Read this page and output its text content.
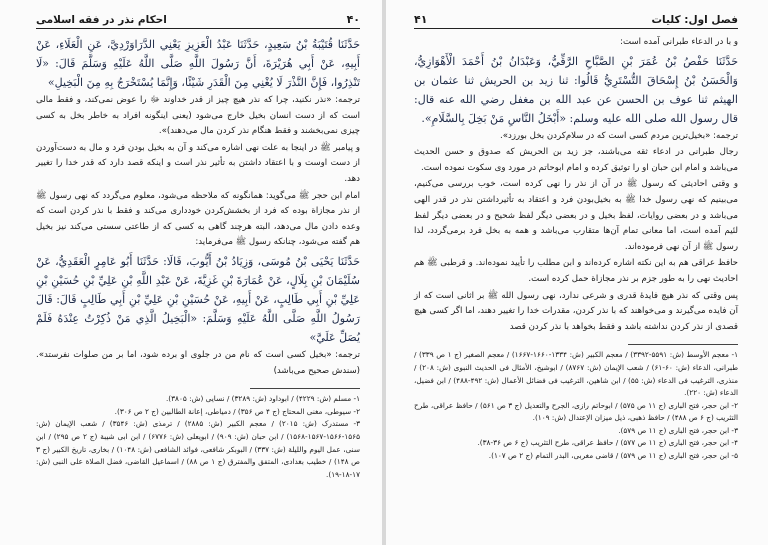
احکام نذر در فقه اسلامی	۴۰

حَدَّثَنَا قُتَيْبَةُ بْنُ سَعِيدٍ، حَدَّثَنَا عَبْدُ الْعَزِيزِ يَعْنِي الدَّرَاوَرْدِيَّ، عَنِ الْعَلَاءِ، عَنْ أَبِيهِ، عَنْ أَبِي هُرَيْرَةَ، أَنَّ رَسُولَ اللَّهِ صَلَّى اللَّهُ عَلَيْهِ وَسَلَّمَ قَالَ: «لَا تَنْذِرُوا، فَإِنَّ النَّذْرَ لَا يُغْنِي مِنَ الْقَدَرِ شَيْئًا، وَإِنَّمَا يُسْتَخْرَجُ بِهِ مِنَ الْبَخِيلِ»

ترجمه: «نذر نکنید، چرا که نذر هیچ چیز از قدر خداوند ﷻ را عوض نمی‌کند، و فقط مالی است که از دست انسان بخیل خارج می‌شود (یعنی اینگونه افراد به خاطر بخل به کسی چیزی نمی‌بخشند و فقط هنگام نذر کردن مال می‌دهند)».

و پیامبر ﷺ در اینجا به علت نهی اشاره می‌کند و آن به بخیل بودن فرد و مال به دست‌آوردن از دست اوست و با اعتقاد داشتن به تأثیر نذر است و اینکه قصد دارد که قدر خدا را تغییر دهد.

امام ابن حجر ﷺ می‌گوید: همانگونه که ملاحظه می‌شود، معلوم می‌گردد که نهی رسول ﷺ از نذر مجازاة بوده که فرد از بخشش‌کردن خودداری می‌کند و فقط با نذر کردن است که وعده دادن مال می‌دهد، البته هرچند گاهی به کسی که از طاعتی سستی می‌کند نیز بخیل هم گفته می‌شود، چنانکه رسول ﷺ می‌فرماید:

حَدَّثَنَا يَحْيَى بْنُ مُوسَى، وَزِيَادُ بْنُ أَيُّوبَ، قَالَا: حَدَّثَنَا أَبُو عَامِرٍ الْعَقَدِيُّ، عَنْ سُلَيْمَانَ بْنِ بِلَالٍ، عَنْ عُمَارَةَ بْنِ غَزِيَّةَ، عَنْ عَبْدِ اللَّهِ بْنِ عَلِيِّ بْنِ حُسَيْنِ بْنِ عَلِيِّ بْنِ أَبِي طَالِبٍ، عَنْ أَبِيهِ، عَنْ حُسَيْنِ بْنِ عَلِيِّ بْنِ أَبِي طَالِبٍ قَالَ: قَالَ رَسُولُ اللَّهِ صَلَّى اللَّهُ عَلَيْهِ وَسَلَّمَ: «الْبَخِيلُ الَّذِي مَنْ ذُكِرْتُ عِنْدَهُ فَلَمْ يُصَلِّ عَلَيَّ»

ترجمه: «بخیل کسی است که نام من در جلوی او برده شود، اما بر من صلوات نفرستد». (سندش صحیح می‌باشد)

۱- مسلم (ش: ۴۲۲۹) / ابوداود (ش: ۳۲۸۹) / نسایی (ش: ۳۸۰۵).

۲- سیوطی، مغنی المحتاج (ج ۴ ص ۳۵۶) / دمیاطی، إعانة الطالبین (ج ۲ ص ۳۰۶).

۳- مستدرک (ش: ۲۰۱۵) / معجم الکبیر (ش: ۲۸۸۵) / ترمذی (ش: ۳۵۴۶) / شعب الإیمان (ش: ۱۵۶۵-۱۵۶۶-۱۵۶۷-۱۵۶۸) / ابن حبان (ش: ۹۰۹) / ابویعلی (ش: ۶۷۷۶) / ابن ابی شیبة (ج ۲ ص ۲۹۵) / ابن سنی، عمل الیوم واللیلة (ش: ۳۳۷) / البوبکر شافعی، فوائد الشافعی (ش: ۱۰۴۸) / بخاری، تاریخ الکبیر (ج ۳ ص ۱۴۸) / خطیب بغدادی، المتفق والمفترق (ج ۱ ص ۸۸) / اسماعیل القاضی، فضل الصلاة علی النبی (ش: ۱۷-۱۸-۱۹).

۴۱	فصل اول: کلیات

و با در الدعاء طبرانی آمده است:

حَدَّثَنَا حَفْصُ بْنُ عُمَرَ بْنِ الصَّبَّاحِ الرَّقِّيُّ، وَعَبْدَانُ بْنُ أَحْمَدَ الْأَهْوَازِيُّ، وَالْحَسَنُ بْنُ إِسْحَاقَ التُّسْتَرِيُّ قَالُوا: ثنا زيد بن الحريش ثنا عثمان بن الهيثم ثنا عوف بن الحسن عن عبد الله بن مغفل رضي الله عنه قال: قال رسول الله صلى الله عليه وسلم: «أَبْخَلُ النَّاسِ مَنْ بَخِلَ بِالسَّلَامِ».

ترجمه: «بخیل‌ترین مردم کسی است که در سلام‌کردن بخل بورزد».

رجال طبرانی در ادعاء ثقه می‌باشند، جز زید بن الحریش که صدوق و حسن الحدیث می‌باشد و امام ابن حبان او را توثیق کرده و امام ابوحاتم در مورد وی سکوت نموده است.

و وقتی احادیثی که رسول ﷺ در آن از نذر را نهی کرده است، خوب بررسی می‌کنیم، می‌بینیم که نهی رسول خدا ﷺ به بخیل‌بودن فرد و اعتقاد به تأثیرداشتن نذر در قدر الهی می‌باشد و در بعضی روایات، لفظ بخیل و در بعضی دیگر لفظ شحیح و در بعضی دیگر لفظ لئیم آمده است، اما معانی تمام آن‌ها متقارب می‌باشد و همه به بخل فرد برمی‌گردد، لذا رسول ﷺ از آن نهی فرموده‌اند.

حافظ عراقی هم به این نکته اشاره کرده‌اند و ابن مطلب را تأیید نموده‌اند. و قرطبی ﷺ هم احادیث نهی را به طور جزم بر نذر مجازاة حمل کرده است.

پس وقتی که نذر هیچ فایدهٔ قدری و شرعی ندارد، نهی رسول الله ﷺ بر اثانی است که از آن فایده می‌گیرند و می‌خواهند که با نذر کردن، مقدرات خدا را تغییر دهند، اما اگر کسی هیچ قصدی از نذر کردن نداشته باشد و فقط بخواهد با نذر کردن قصد

۱- معجم الأوسط (ش: ۵۵۹۱-۳۳۹۲) / معجم الکبیر (ش: ۱۳۳۴-۱۶۶۰-۱۶۶۷) / معجم الصغیر (ج ۱ ص ۳۳۹) / طبرانی، الدعاء (ش: ۶۰-۶۱) / شعب الإیمان (ش: ۸۷۶۷) / ابوشیخ، الأمثال فی الحدیث النبوی (ش: ۲۰۸) / منذری، الترغیب فی الدعاء (ش: ۵۵) / ابن شاهین، الترغیب فی فضائل الأعمال (ش: ۴۹۲-۴۸۸) / ابن فضیل، الدعاء (ش: ۲۲۰).

۲- ابن حجر، فتح الباری (ج ۱۱ ص ۵۷۵) / ابوحاتم رازی، الجرح والتعدیل (ج ۳ ص ۵۶۱) / حافظ عراقی، طرح التثریب (ج ۶ ص ۴۸۸) / حافظ ذهبی، ذیل میزان الإعتدال (ش: ۱۰۹).

۳- ابن حجر، فتح الباری (ج ۱۱ ص ۵۷۹).

۴- ابن حجر، فتح الباری (ج ۱۱ ص ۵۷۷) / حافظ عراقی، طرح التثریب (ج ۶ ص ۳۶-۳۸).

۵- ابن حجر، فتح الباری (ج ۱۱ ص ۵۷۹) / قاضی مغربی، البدر التمام (ج ۲ ص ۱۰۷).
